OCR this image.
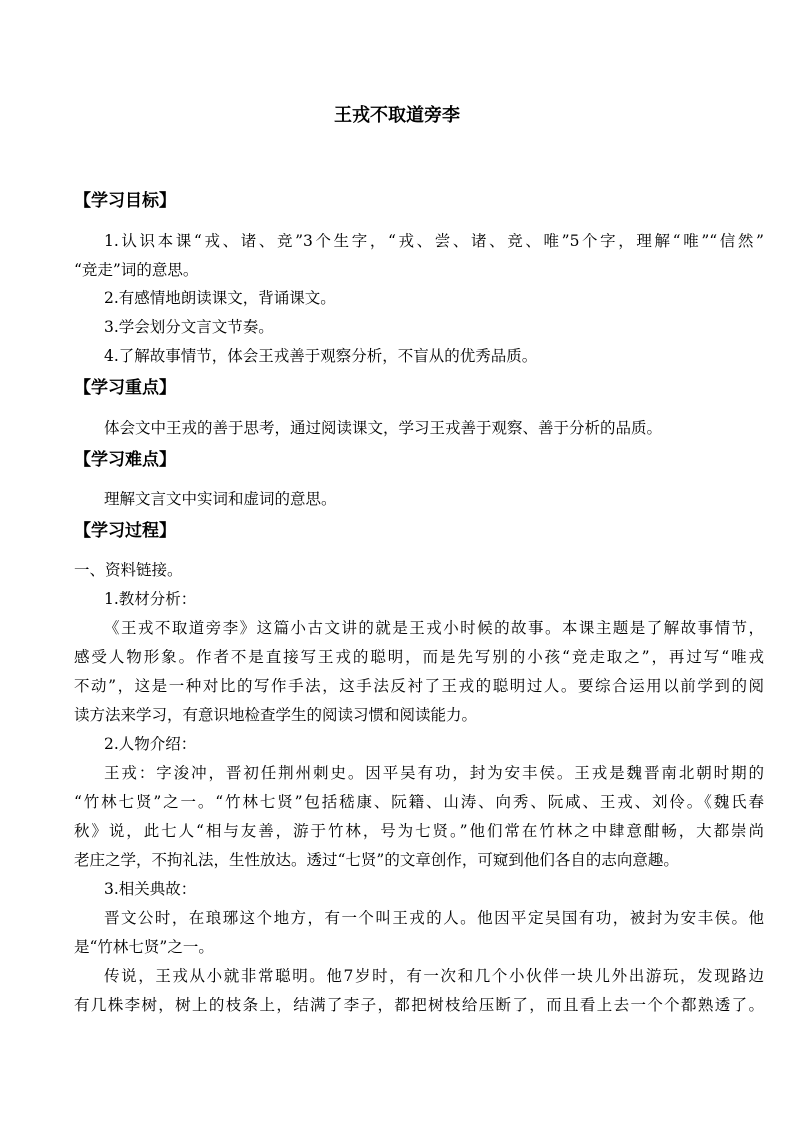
王戎不取道旁李
【学习目标】
1.认识本课“戎、诸、竞”3个生字，“戎、尝、诸、竞、唯”5个字，理解“唯”“信然”
“竞走”词的意思。
2.有感情地朗读课文，背诵课文。
3.学会划分文言文节奏。
4.了解故事情节，体会王戎善于观察分析，不盲从的优秀品质。
【学习重点】
体会文中王戎的善于思考，通过阅读课文，学习王戎善于观察、善于分析的品质。
【学习难点】
理解文言文中实词和虚词的意思。
【学习过程】
一、资料链接。
1.教材分析：
《王戎不取道旁李》这篇小古文讲的就是王戎小时候的故事。本课主题是了解故事情节，
感受人物形象。作者不是直接写王戎的聪明，而是先写别的小孩“竞走取之”，再过写“唯戎
不动”，这是一种对比的写作手法，这手法反衬了王戎的聪明过人。要综合运用以前学到的阅
读方法来学习，有意识地检查学生的阅读习惯和阅读能力。
2.人物介绍：
王戎：字浚冲，晋初任荆州刺史。因平吴有功，封为安丰侯。王戎是魏晋南北朝时期的
“竹林七贤”之一。“竹林七贤”包括嵇康、阮籍、山涛、向秀、阮咸、王戎、刘伶。《魏氏春
秋》说，此七人“相与友善，游于竹林，号为七贤。”他们常在竹林之中肆意酣畅，大都崇尚
老庄之学，不拘礼法，生性放达。透过“七贤”的文章创作，可窥到他们各自的志向意趣。
3.相关典故：
晋文公时，在琅琊这个地方，有一个叫王戎的人。他因平定吴国有功，被封为安丰侯。他
是“竹林七贤”之一。
传说，王戎从小就非常聪明。他7岁时，有一次和几个小伙伴一块儿外出游玩，发现路边
有几株李树，树上的枝条上，结满了李子，都把树枝给压断了，而且看上去一个个都熟透了。
